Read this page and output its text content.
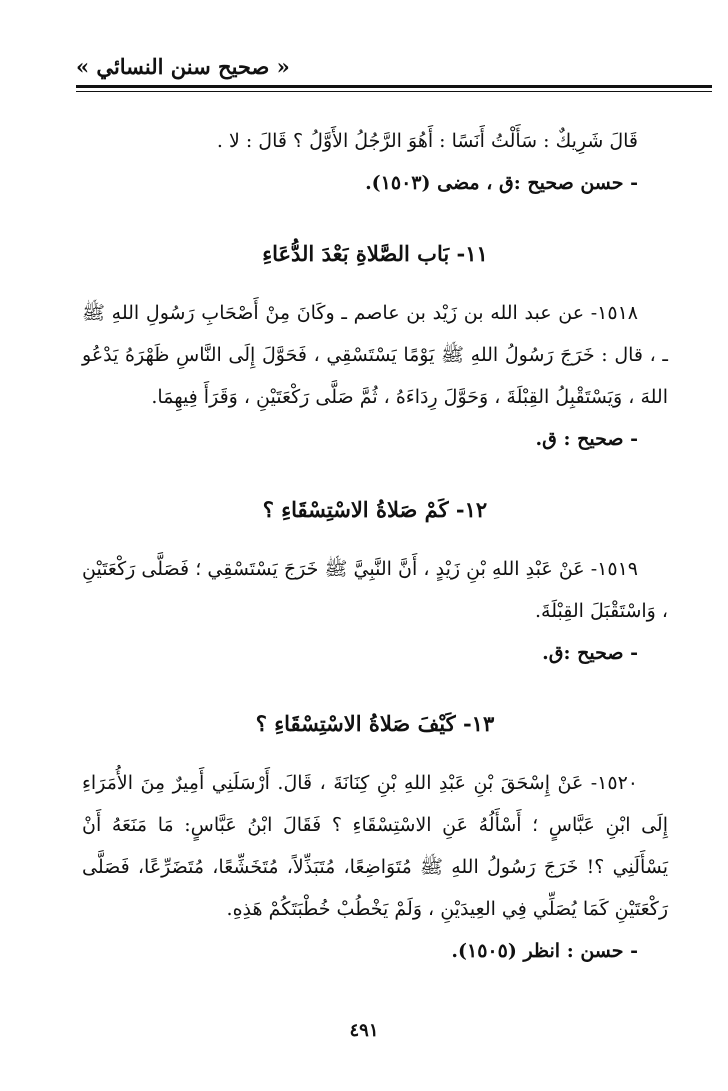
« صحيح سنن النسائي »

قَالَ شَرِيكٌ : سَأَلْتُ أَنَسًا : أَهُوَ الرَّجُلُ الأَوَّلُ ؟ قَالَ : لا .

- حسن صحيح :ق ، مضى (١٥٠٣).

١١- بَاب الصَّلاةِ بَعْدَ الدُّعَاءِ

١٥١٨- عن عبد الله بن زَيْد بن عاصم ـ وكَانَ مِنْ أَصْحَابِ رَسُولِ اللهِ ﷺ ـ ، قال : خَرَجَ رَسُولُ اللهِ ﷺ يَوْمًا يَسْتَسْقِي ، فَحَوَّلَ إِلَى النَّاسِ ظَهْرَهُ يَدْعُو اللهَ ، وَيَسْتَقْبِلُ القِبْلَةَ ، وَحَوَّلَ رِدَاءَهُ ، ثُمَّ صَلَّى رَكْعَتَيْنِ ، وَقَرَأَ فِيهِمَا.

- صحيح : ق.

١٢- كَمْ صَلاةُ الاسْتِسْقَاءِ ؟

١٥١٩- عَنْ عَبْدِ اللهِ بْنِ زَيْدٍ ، أَنَّ النَّبِيَّ ﷺ خَرَجَ يَسْتَسْقِي ؛ فَصَلَّى رَكْعَتَيْنِ ، وَاسْتَقْبَلَ القِبْلَةَ.

- صحيح :ق.

١٣- كَيْفَ صَلاةُ الاسْتِسْقَاءِ ؟

١٥٢٠- عَنْ إِسْحَقَ بْنِ عَبْدِ اللهِ بْنِ كِنَانَةَ ، قَالَ. أَرْسَلَنِي أَمِيرٌ مِنَ الأُمَرَاءِ إِلَى ابْنِ عَبَّاسٍ ؛ أَسْأَلُهُ عَنِ الاسْتِسْقَاءِ ؟ فَقَالَ ابْنُ عَبَّاسٍ: مَا مَنَعَهُ أَنْ يَسْأَلَنِي ؟! خَرَجَ رَسُولُ اللهِ ﷺ مُتَوَاضِعًا، مُتَبَذِّلاً، مُتَخَشِّعًا، مُتَضَرِّعًا، فَصَلَّى رَكْعَتَيْنِ كَمَا يُصَلِّي فِي العِيدَيْنِ ، وَلَمْ يَخْطُبْ خُطْبَتَكُمْ هَذِهِ.

- حسن : انظر (١٥٠٥).

٤٩١
